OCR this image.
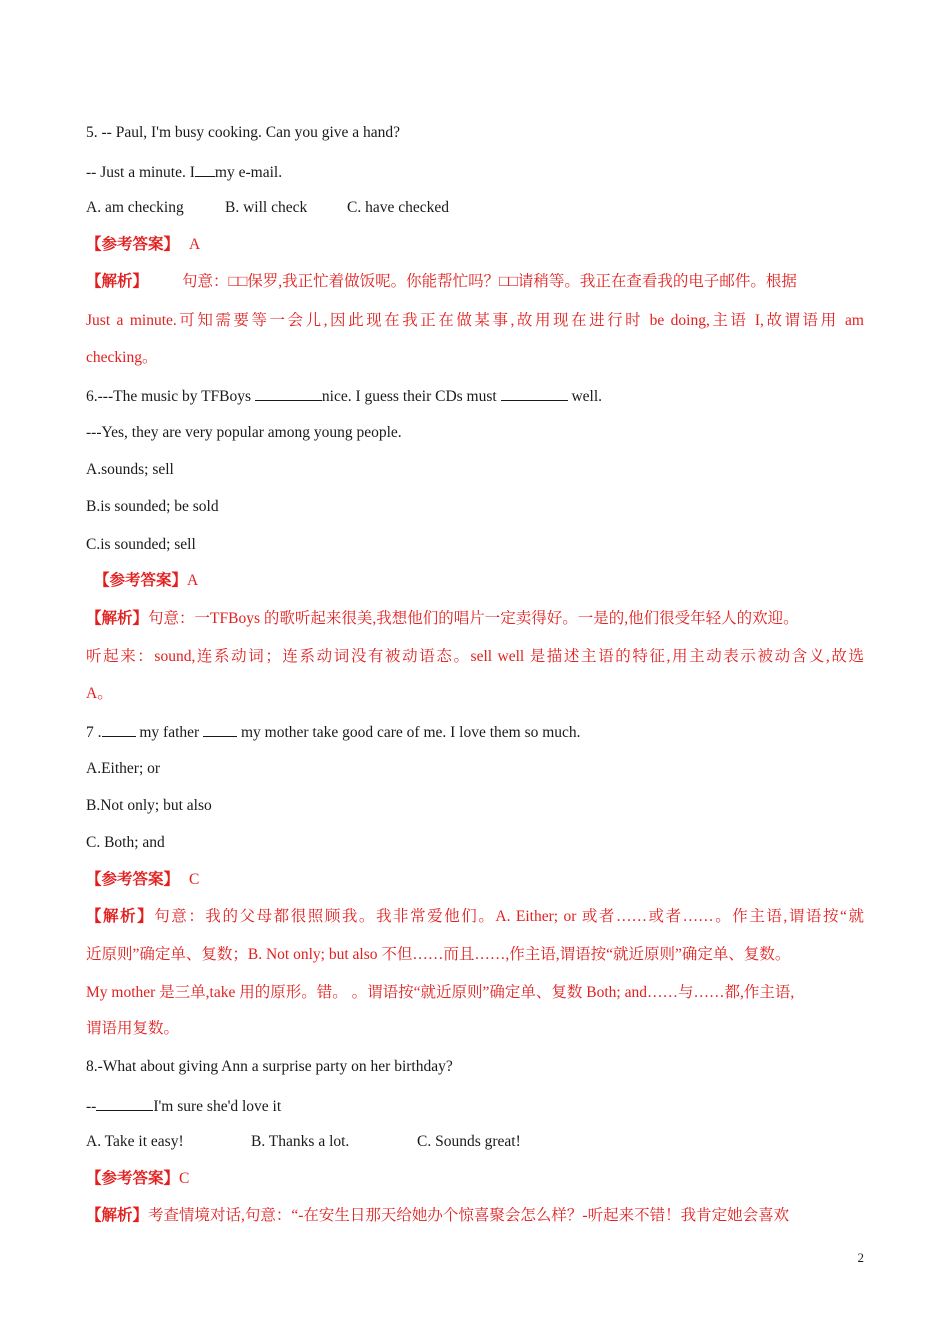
5. -- Paul, I'm busy cooking. Can you give a hand?
-- Just a minute. I my e-mail.
A. am checking	B. will check	C. have checked
【参考答案】 A
【解析】 句意：□□保罗,我正忙着做饭呢。你能帮忙吗？□□请稍等。我正在查看我的电子邮件。根据
Just a minute.可知需要等一会儿,因此现在我正在做某事,故用现在进行时 be doing,主语 I,故谓语用 am
checking。
6.---The music by TFBoys	nice. I guess their CDs must	well.
---Yes, they are very popular among young people.
A.sounds; sell
B.is sounded; be sold
C.is sounded; sell
【参考答案】A
【解析】句意：一TFBoys 的歌听起来很美,我想他们的唱片一定卖得好。一是的,他们很受年轻人的欢迎。
听起来：sound,连系动词；连系动词没有被动语态。sell well 是描述主语的特征,用主动表示被动含义,故选
A。
7 . my father  my mother take good care of me. I love them so much.
A.Either; or
B.Not only; but also
C. Both; and
【参考答案】 C
【解析】句意：我的父母都很照顾我。我非常爱他们。A. Either; or 或者……或者……。作主语,谓语按“就
近原则”确定单、复数；B. Not only; but also 不但……而且……,作主语,谓语按“就近原则”确定单、复数。
My mother 是三单,take 用的原形。错。 。谓语按“就近原则”确定单、复数 Both; and……与……都,作主语,
谓语用复数。
8.-What about giving Ann a surprise party on her birthday?
--	I'm sure she'd love it
A. Take it easy!	B. Thanks a lot.	C. Sounds great!
【参考答案】C
【解析】考查情境对话,句意：“-在安生日那天给她办个惊喜聚会怎么样？-听起来不错！我肯定她会喜欢
2
